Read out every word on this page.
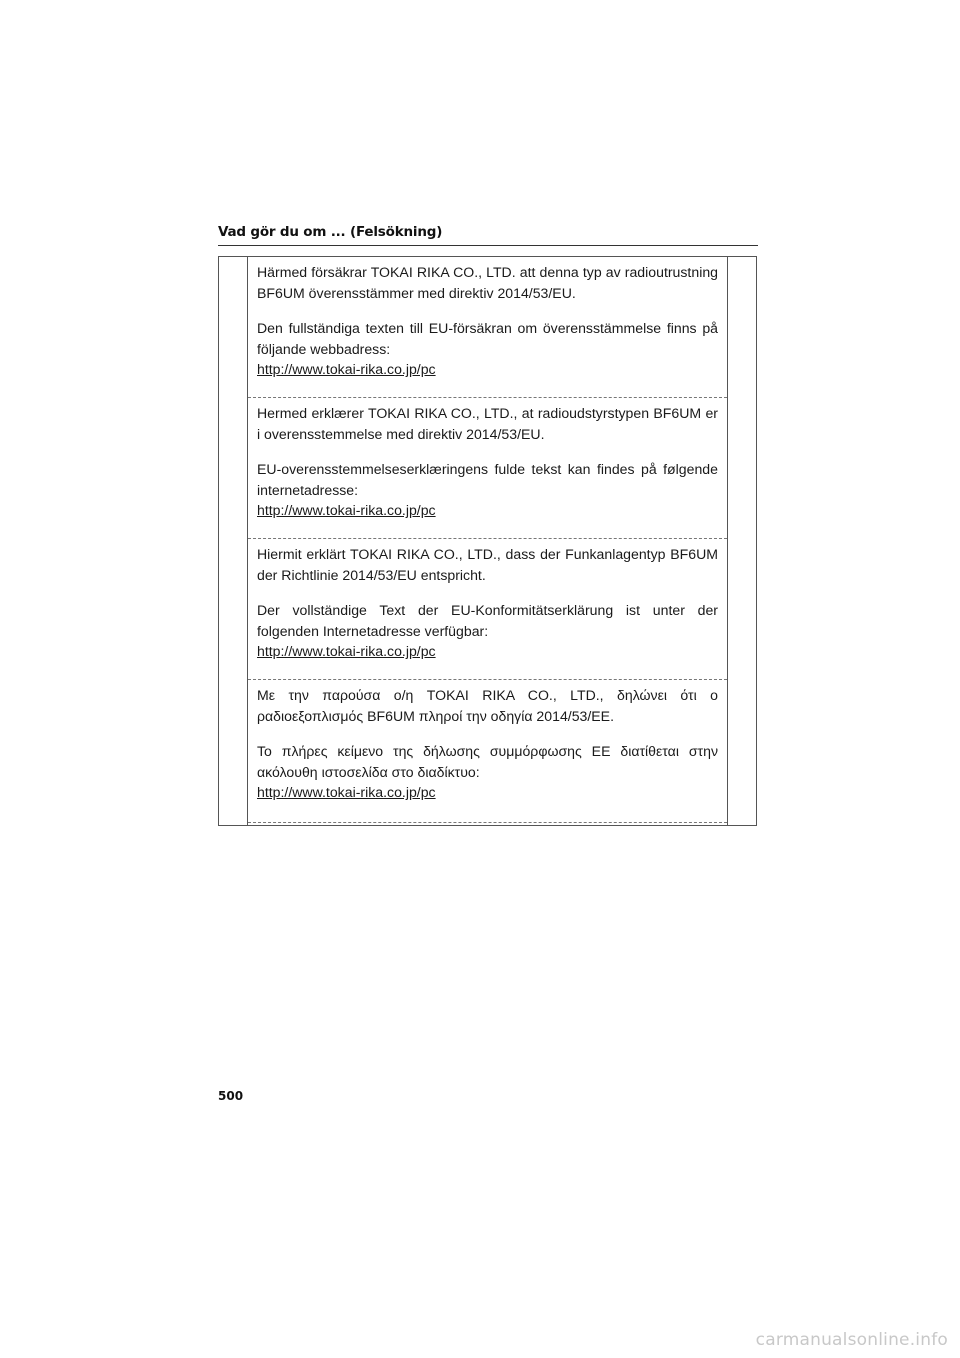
Vad gör du om ... (Felsökning)

Härmed försäkrar TOKAI RIKA CO., LTD. att denna typ av radioutrustning BF6UM överensstämmer med direktiv 2014/53/EU.

Den fullständiga texten till EU-försäkran om överensstämmelse finns på följande webbadress:

http://www.tokai-rika.co.jp/pc

Hermed erklærer TOKAI RIKA CO., LTD., at radioudstyrstypen BF6UM er i overensstemmelse med direktiv 2014/53/EU.

EU-overensstemmelseserklæringens fulde tekst kan findes på følgende internetadresse:

http://www.tokai-rika.co.jp/pc

Hiermit erklärt TOKAI RIKA CO., LTD., dass der Funkanlagentyp BF6UM der Richtlinie 2014/53/EU entspricht.

Der vollständige Text der EU-Konformitätserklärung ist unter der folgenden Internetadresse verfügbar:

http://www.tokai-rika.co.jp/pc

Με την παρούσα ο/η TOKAI RIKA CO., LTD., δηλώνει ότι ο ραδιοεξοπλισμός BF6UM πληροί την οδηγία 2014/53/ΕΕ.

Το πλήρες κείμενο της δήλωσης συμμόρφωσης ΕΕ διατίθεται στην ακόλουθη ιστοσελίδα στο διαδίκτυο:

http://www.tokai-rika.co.jp/pc
500
carmanualsonline.info
